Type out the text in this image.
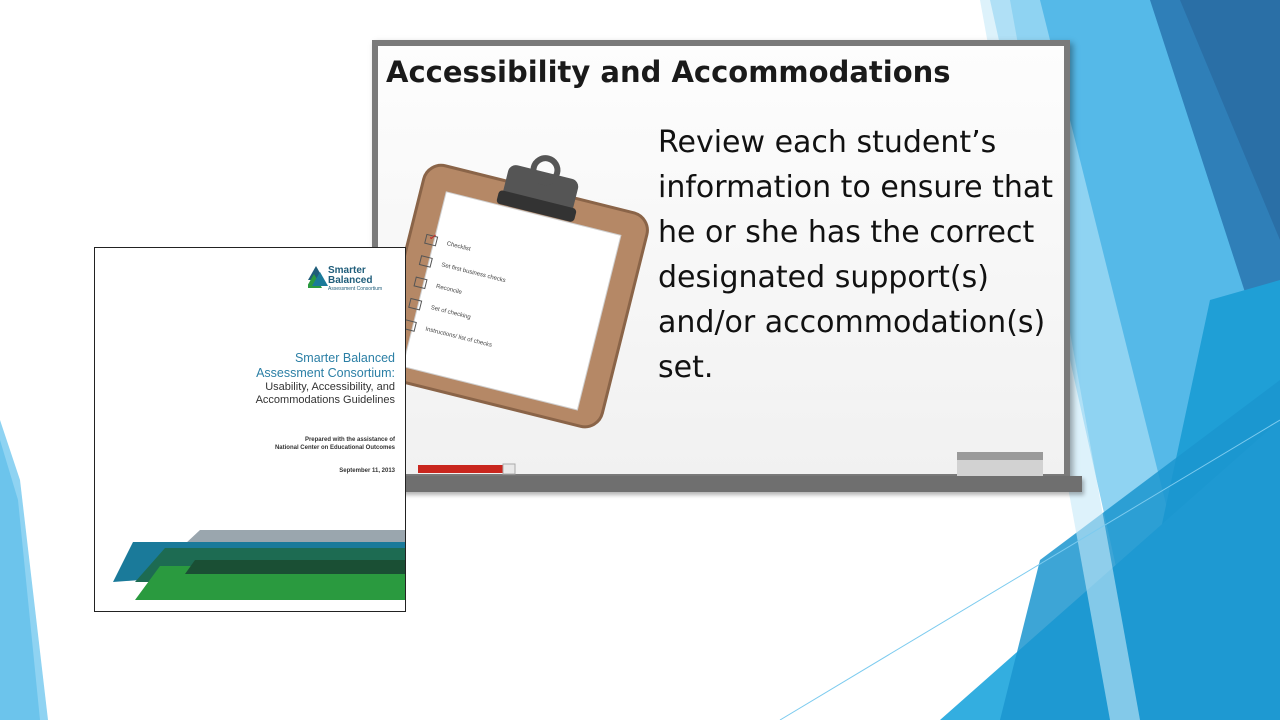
Accessibility and Accommodations

Review each student’s information to ensure that he or she has the correct designated support(s) and/or accommodation(s) set.

✓
Checklist
Set first business checks
Reconcile
Set of checking
Instructions/ list of checks
Smarter
Balanced
Assessment Consortium
Smarter Balanced
Assessment Consortium:
Usability, Accessibility, and
Accommodations Guidelines
Prepared with the assistance of
National Center on Educational Outcomes
September 11, 2013
